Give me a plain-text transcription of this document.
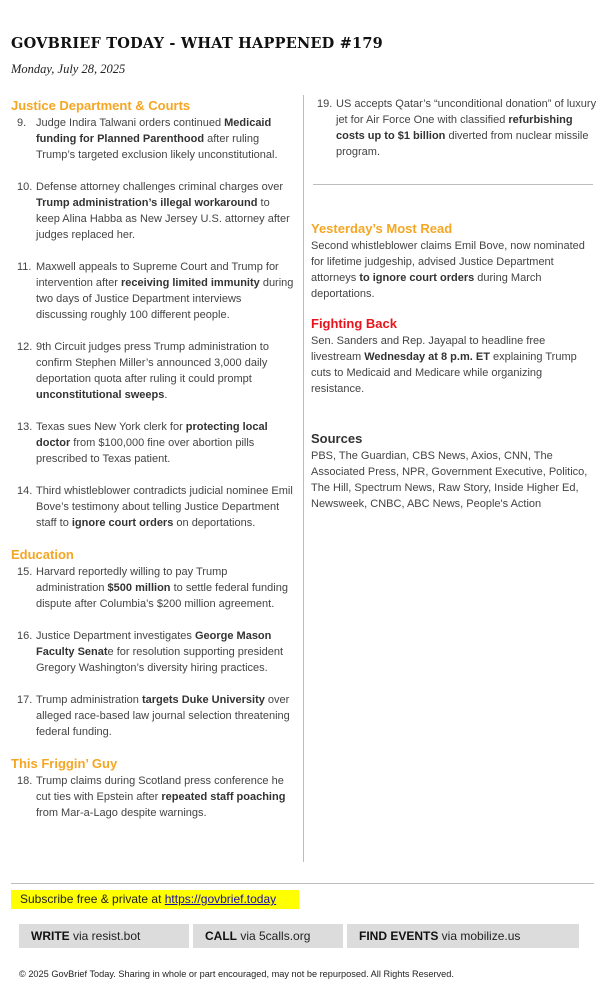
GOVBRIEF TODAY - WHAT HAPPENED #179
Monday, July 28, 2025
Justice Department & Courts
9. Judge Indira Talwani orders continued Medicaid funding for Planned Parenthood after ruling Trump’s targeted exclusion likely unconstitutional.
10. Defense attorney challenges criminal charges over Trump administration’s illegal workaround to keep Alina Habba as New Jersey U.S. attorney after judges replaced her.
11. Maxwell appeals to Supreme Court and Trump for intervention after receiving limited immunity during two days of Justice Department interviews discussing roughly 100 different people.
12. 9th Circuit judges press Trump administration to confirm Stephen Miller’s announced 3,000 daily deportation quota after ruling it could prompt unconstitutional sweeps.
13. Texas sues New York clerk for protecting local doctor from $100,000 fine over abortion pills prescribed to Texas patient.
14. Third whistleblower contradicts judicial nominee Emil Bove’s testimony about telling Justice Department staff to ignore court orders on deportations.
Education
15. Harvard reportedly willing to pay Trump administration $500 million to settle federal funding dispute after Columbia’s $200 million agreement.
16. Justice Department investigates George Mason Faculty Senate for resolution supporting president Gregory Washington’s diversity hiring practices.
17. Trump administration targets Duke University over alleged race-based law journal selection threatening federal funding.
This Friggin’ Guy
18. Trump claims during Scotland press conference he cut ties with Epstein after repeated staff poaching from Mar-a-Lago despite warnings.
19. US accepts Qatar’s “unconditional donation” of luxury jet for Air Force One with classified refurbishing costs up to $1 billion diverted from nuclear missile program.
Yesterday’s Most Read
Second whistleblower claims Emil Bove, now nominated for lifetime judgeship, advised Justice Department attorneys to ignore court orders during March deportations.
Fighting Back
Sen. Sanders and Rep. Jayapal to headline free livestream Wednesday at 8 p.m. ET explaining Trump cuts to Medicaid and Medicare while organizing resistance.
Sources
PBS, The Guardian, CBS News, Axios, CNN, The Associated Press, NPR, Government Executive, Politico, The Hill, Spectrum News, Raw Story, Inside Higher Ed, Newsweek, CNBC, ABC News, People's Action
Subscribe free & private at https://govbrief.today
WRITE via resist.bot	CALL via 5calls.org	FIND EVENTS via mobilize.us
© 2025 GovBrief Today. Sharing in whole or part encouraged, may not be repurposed. All Rights Reserved.
